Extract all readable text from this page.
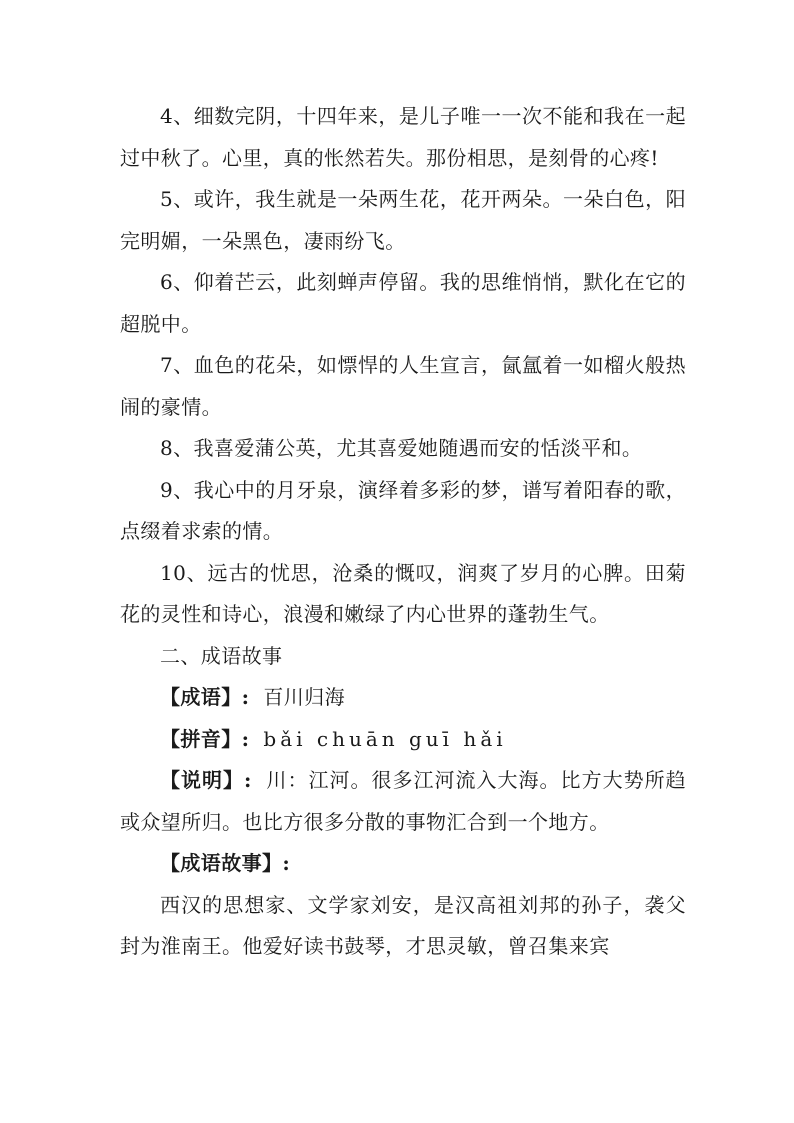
4、细数完阴，十四年来，是儿子唯一一次不能和我在一起过中秋了。心里，真的怅然若失。那份相思，是刻骨的心疼!

5、或许，我生就是一朵两生花，花开两朵。一朵白色，阳完明媚，一朵黑色，凄雨纷飞。

6、仰着芒云，此刻蝉声停留。我的思维悄悄，默化在它的超脱中。

7、血色的花朵，如慓悍的人生宣言，氤氲着一如榴火般热闹的豪情。

8、我喜爱蒲公英，尤其喜爱她随遇而安的恬淡平和。

9、我心中的月牙泉，演绎着多彩的梦，谱写着阳春的歌，点缀着求索的情。

10、远古的忧思，沧桑的慨叹，润爽了岁月的心脾。田菊花的灵性和诗心，浪漫和嫩绿了内心世界的蓬勃生气。

二、成语故事

【成语】: 百川归海

【拼音】: bǎi chuān guī hǎi

【说明】: 川：江河。很多江河流入大海。比方大势所趋或众望所归。也比方很多分散的事物汇合到一个地方。

【成语故事】:

西汉的思想家、文学家刘安，是汉高祖刘邦的孙子，袭父封为淮南王。他爱好读书鼓琴，才思灵敏，曾召集来宾
